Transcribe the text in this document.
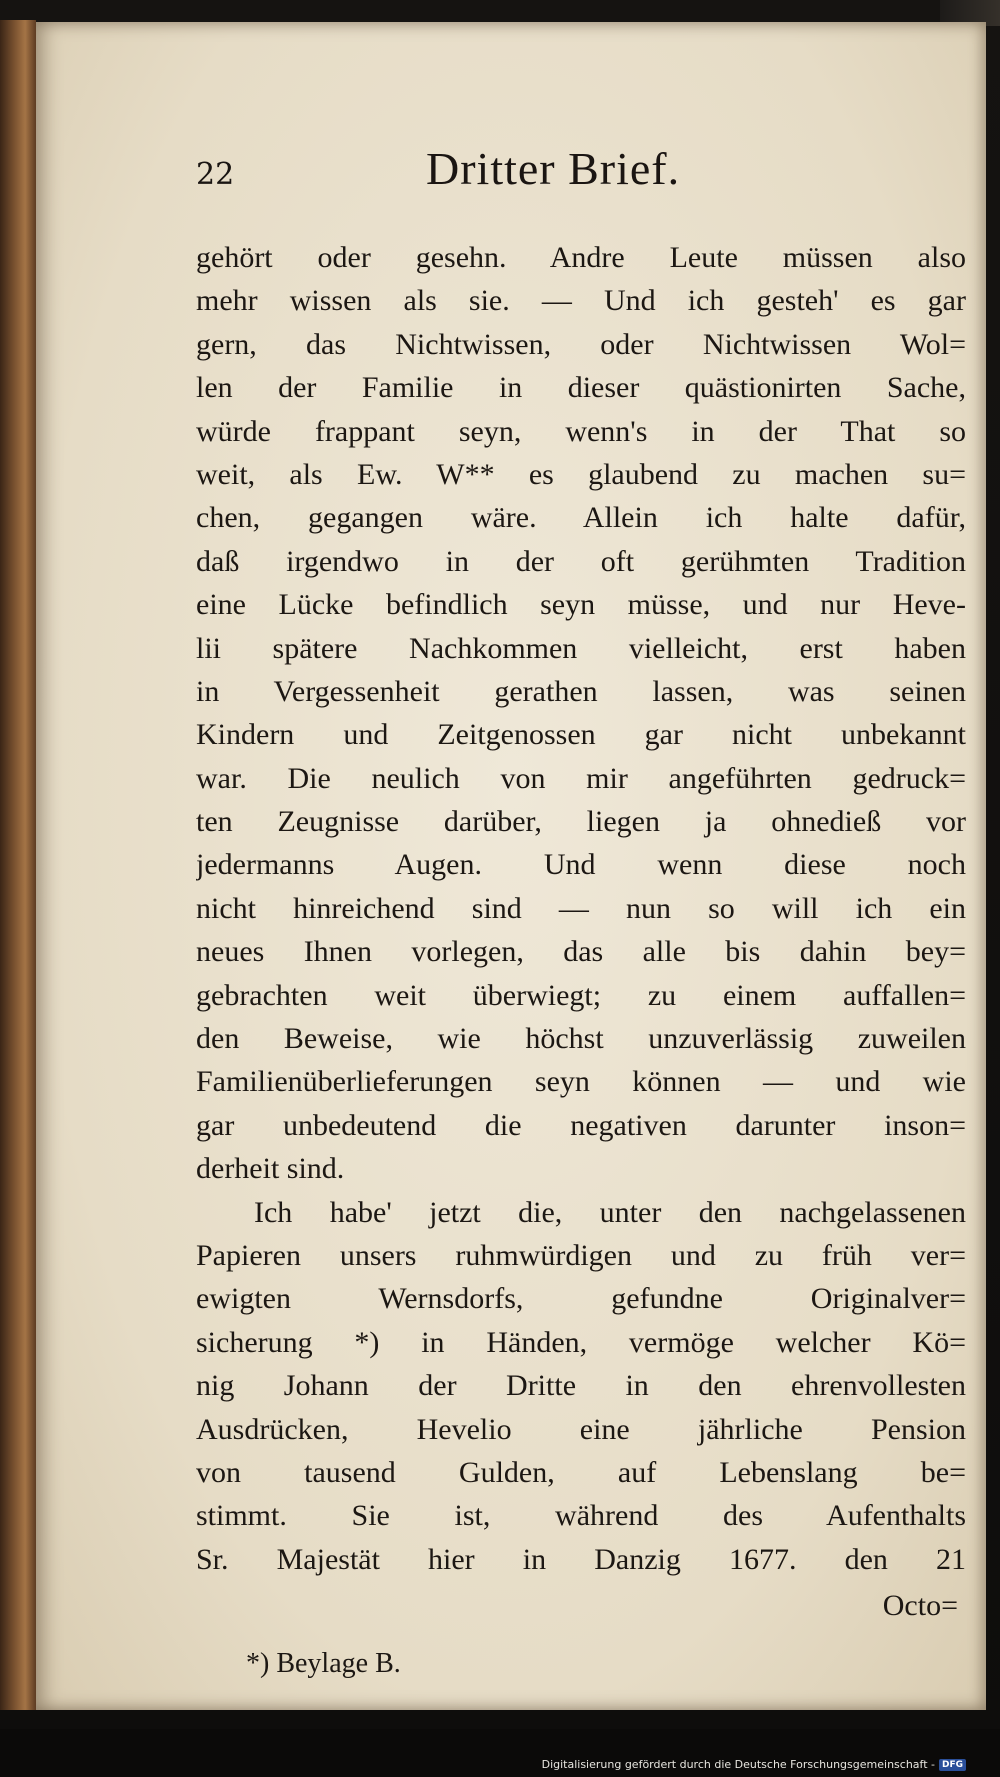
22	Dritter Brief.
gehört oder gesehn. Andre Leute müssen also
mehr wissen als sie. — Und ich gesteh' es gar
gern, das Nichtwissen, oder Nichtwissen Wol=
len der Familie in dieser quästionirten Sache,
würde frappant seyn, wenn's in der That so
weit, als Ew. W** es glaubend zu machen su=
chen, gegangen wäre. Allein ich halte dafür,
daß irgendwo in der oft gerühmten Tradition
eine Lücke befindlich seyn müsse, und nur Heve-
lii spätere Nachkommen vielleicht, erst haben
in Vergessenheit gerathen lassen, was seinen
Kindern und Zeitgenossen gar nicht unbekannt
war. Die neulich von mir angeführten gedruck=
ten Zeugnisse darüber, liegen ja ohnedieß vor
jedermanns Augen. Und wenn diese noch
nicht hinreichend sind — nun so will ich ein
neues Ihnen vorlegen, das alle bis dahin bey=
gebrachten weit überwiegt; zu einem auffallen=
den Beweise, wie höchst unzuverlässig zuweilen
Familienüberlieferungen seyn können — und wie
gar unbedeutend die negativen darunter inson=
derheit sind.
Ich habe' jetzt die, unter den nachgelassenen
Papieren unsers ruhmwürdigen und zu früh ver=
ewigten Wernsdorfs, gefundne Originalver=
sicherung *) in Händen, vermöge welcher Kö=
nig Johann der Dritte in den ehrenvollesten
Ausdrücken, Hevelio eine jährliche Pension
von tausend Gulden, auf Lebenslang be=
stimmt. Sie ist, während des Aufenthalts
Sr. Majestät hier in Danzig 1677. den 21
Octo=
*) Beylage B.
Digitalisierung gefördert durch die Deutsche Forschungsgemeinschaft - DFG
